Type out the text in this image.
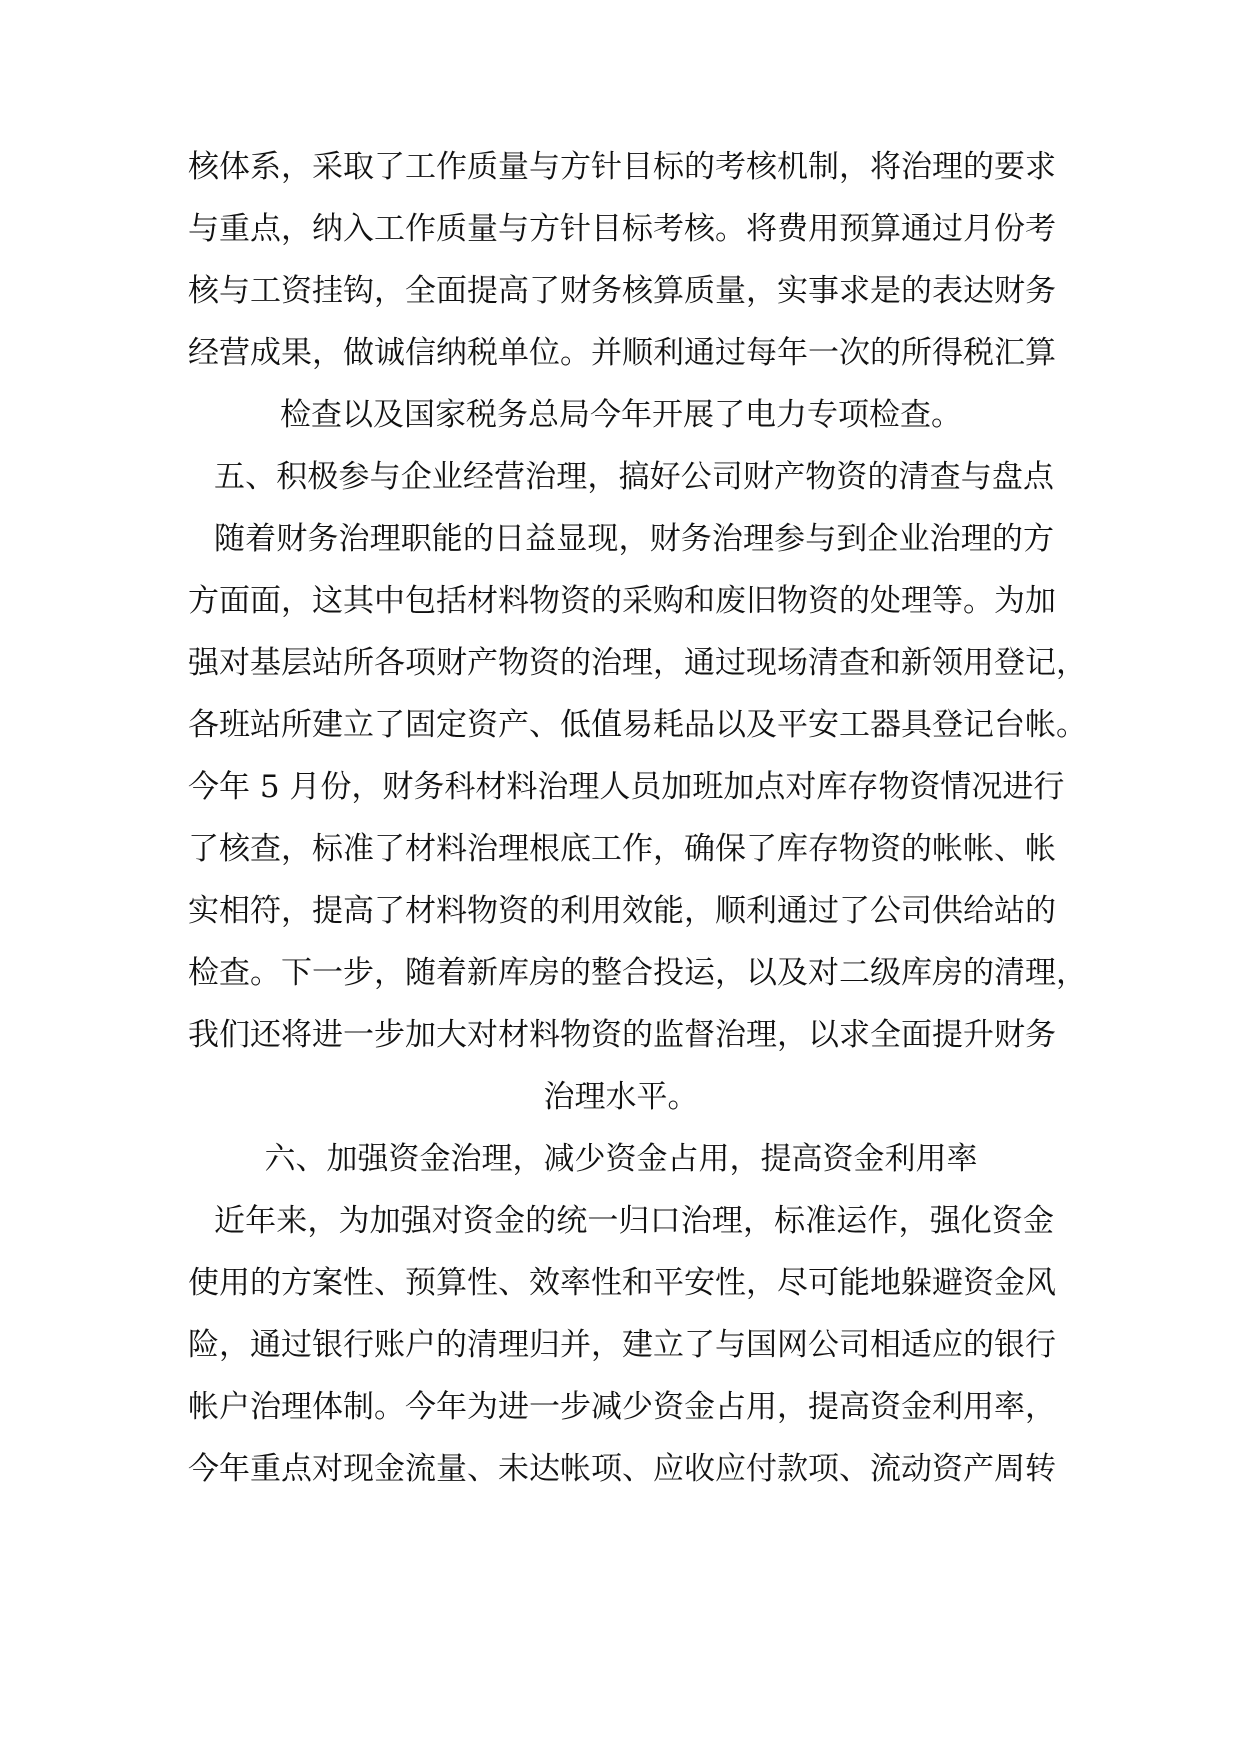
核体系，采取了工作质量与方针目标的考核机制，将治理的要求
与重点，纳入工作质量与方针目标考核。将费用预算通过月份考
核与工资挂钩，全面提高了财务核算质量，实事求是的表达财务
经营成果，做诚信纳税单位。并顺利通过每年一次的所得税汇算
检查以及国家税务总局今年开展了电力专项检查。
五、积极参与企业经营治理，搞好公司财产物资的清查与盘点
随着财务治理职能的日益显现，财务治理参与到企业治理的方
方面面，这其中包括材料物资的采购和废旧物资的处理等。为加
强对基层站所各项财产物资的治理，通过现场清查和新领用登记，
各班站所建立了固定资产、低值易耗品以及平安工器具登记台帐。
今年 5 月份，财务科材料治理人员加班加点对库存物资情况进行
了核查，标准了材料治理根底工作，确保了库存物资的帐帐、帐
实相符，提高了材料物资的利用效能，顺利通过了公司供给站的
检查。下一步，随着新库房的整合投运，以及对二级库房的清理，
我们还将进一步加大对材料物资的监督治理，以求全面提升财务
治理水平。
六、加强资金治理，减少资金占用，提高资金利用率
近年来，为加强对资金的统一归口治理，标准运作，强化资金
使用的方案性、预算性、效率性和平安性，尽可能地躲避资金风
险，通过银行账户的清理归并，建立了与国网公司相适应的银行
帐户治理体制。今年为进一步减少资金占用，提高资金利用率，
今年重点对现金流量、未达帐项、应收应付款项、流动资产周转
